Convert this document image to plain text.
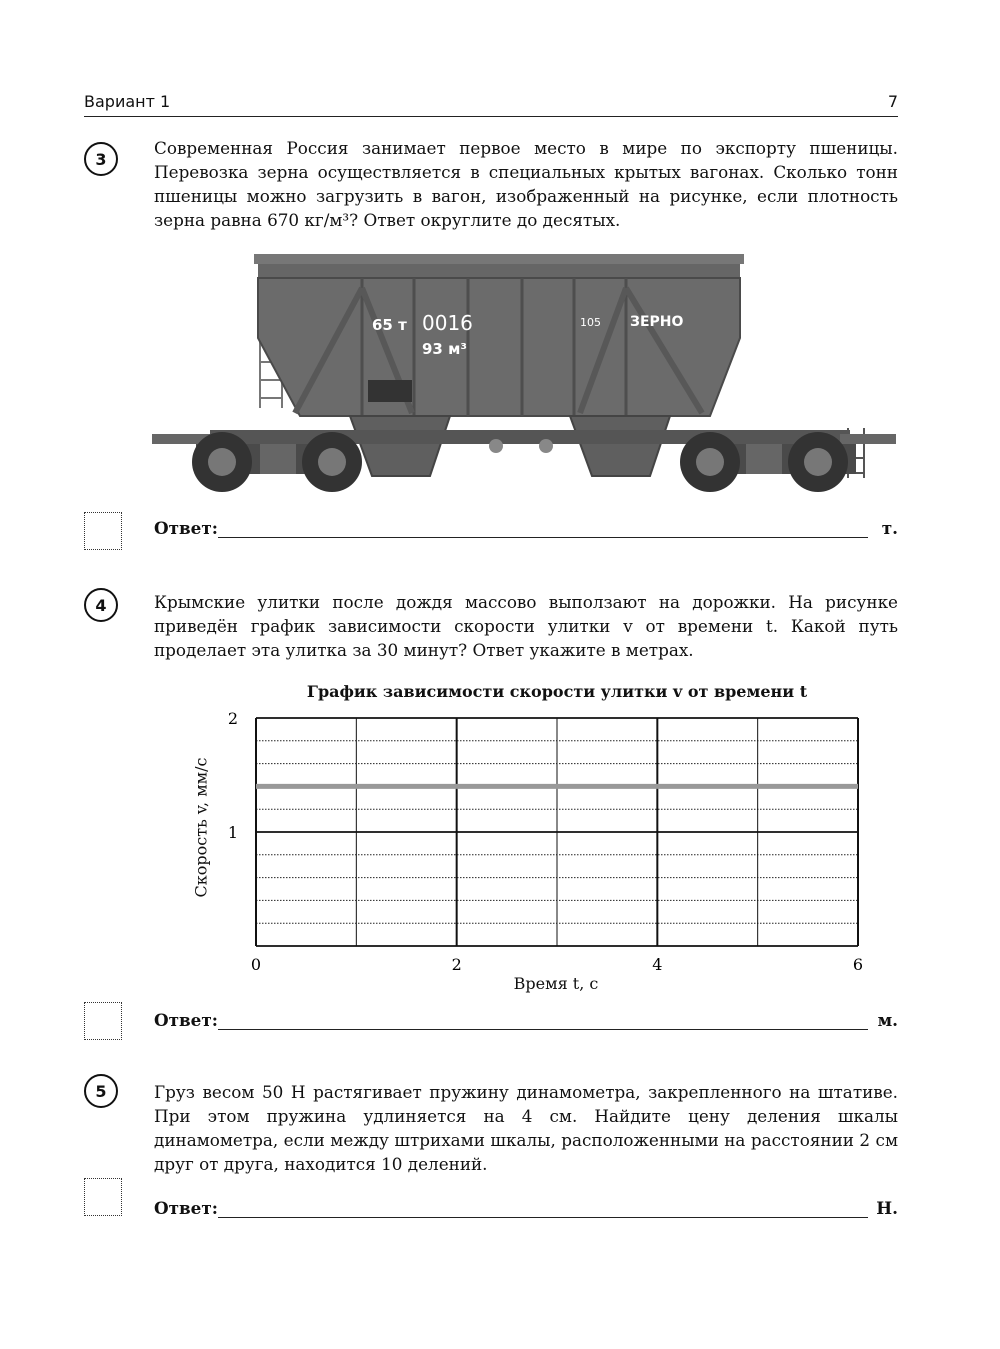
Вариант 1	7
3
Современная Россия занимает первое место в мире по экспорту пшеницы. Перевозка зерна осуществляется в специальных крытых вагонах. Сколько тонн пшеницы можно загрузить в вагон, изображенный на рисунке, если плотность зерна равна 670 кг/м³? Ответ округлите до десятых.
65 т 0016
93 м³
105 ЗЕРНО
Ответ:	т.
4	Крымские улитки после дождя массово выползают на дорожки. На рисунке приведён график зависимости скорости улитки v от времени t. Какой путь проделает эта улитка за 30 минут? Ответ укажите в метрах.
График зависимости скорости улитки v от времени t
Скорость v, мм/с
Время t, с
0	2	4	6
1
2
Ответ:	м.
5	Груз весом 50 Н растягивает пружину динамометра, закрепленного на штативе. При этом пружина удлиняется на 4 см. Найдите цену деления шкалы динамометра, если между штрихами шкалы, расположенными на расстоянии 2 см друг от друга, находится 10 делений.
Ответ:	Н.
